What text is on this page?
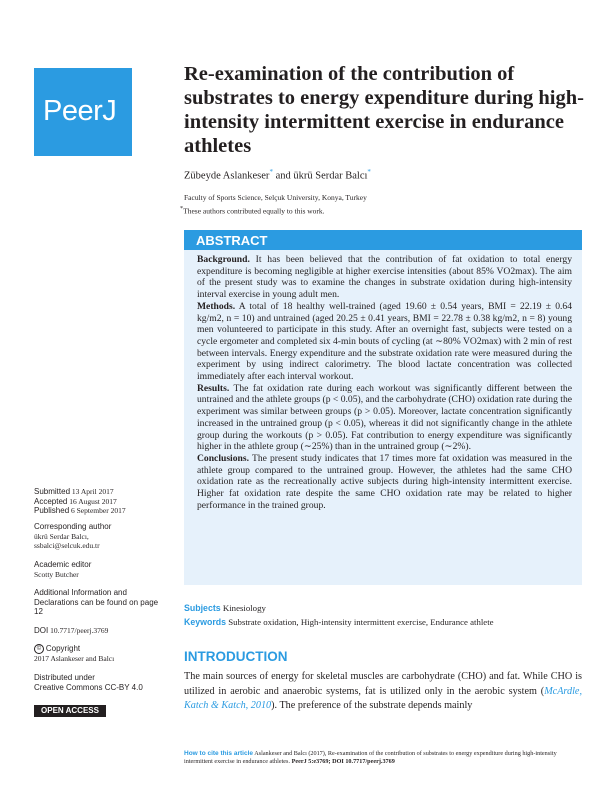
PeerJ
Re-examination of the contribution of substrates to energy expenditure during high-intensity intermittent exercise in endurance athletes
Zübeyde Aslankeser* and ükrü Serdar Balcı*
Faculty of Sports Science, Selçuk University, Konya, Turkey
*These authors contributed equally to this work.
ABSTRACT

Background. It has been believed that the contribution of fat oxidation to total energy expenditure is becoming negligible at higher exercise intensities (about 85% VO2max). The aim of the present study was to examine the changes in substrate oxidation during high-intensity interval exercise in young adult men.

Methods. A total of 18 healthy well-trained (aged 19.60 ± 0.54 years, BMI = 22.19 ± 0.64 kg/m2, n = 10) and untrained (aged 20.25 ± 0.41 years, BMI = 22.78 ± 0.38 kg/m2, n = 8) young men volunteered to participate in this study. After an overnight fast, subjects were tested on a cycle ergometer and completed six 4-min bouts of cycling (at ∼80% VO2max) with 2 min of rest between intervals. Energy expenditure and the substrate oxidation rate were measured during the experiment by using indirect calorimetry. The blood lactate concentration was collected immediately after each interval workout.

Results. The fat oxidation rate during each workout was significantly different between the untrained and the athlete groups (p < 0.05), and the carbohydrate (CHO) oxidation rate during the experiment was similar between groups (p > 0.05). Moreover, lactate concentration significantly increased in the untrained group (p < 0.05), whereas it did not significantly change in the athlete group during the workouts (p > 0.05). Fat contribution to energy expenditure was significantly higher in the athlete group (∼25%) than in the untrained group (∼2%).

Conclusions. The present study indicates that 17 times more fat oxidation was measured in the athlete group compared to the untrained group. However, the athletes had the same CHO oxidation rate as the recreationally active subjects during high-intensity intermittent exercise. Higher fat oxidation rate despite the same CHO oxidation rate may be related to higher performance in the trained group.

Subjects Kinesiology
Keywords Substrate oxidation, High-intensity intermittent exercise, Endurance athlete
INTRODUCTION
The main sources of energy for skeletal muscles are carbohydrate (CHO) and fat. While CHO is utilized in aerobic and anaerobic systems, fat is utilized only in the aerobic system (McArdle, Katch & Katch, 2010). The preference of the substrate depends mainly
Submitted 13 April 2017
Accepted 16 August 2017
Published 6 September 2017
Corresponding author
ükrü Serdar Balcı,
ssbalci@selcuk.edu.tr
Academic editor
Scotty Butcher
Additional Information and Declarations can be found on page 12
DOI 10.7717/peerj.3769
© Copyright
2017 Aslankeser and Balcı
Distributed under
Creative Commons CC-BY 4.0
OPEN ACCESS
How to cite this article Aslankeser and Balcı (2017), Re-examination of the contribution of substrates to energy expenditure during high-intensity intermittent exercise in endurance athletes. PeerJ 5:e3769; DOI 10.7717/peerj.3769
